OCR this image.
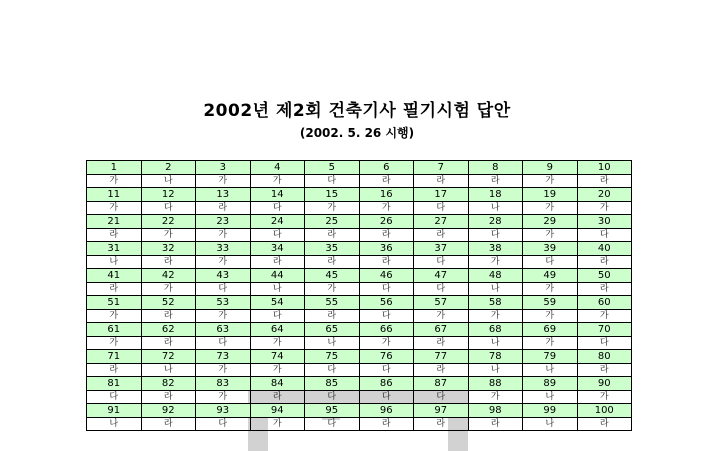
2002년 제2회 건축기사 필기시험 답안
(2002. 5. 26 시행)
1	2	3	4	5	6	7	8	9	10
가	나	가	가	다	라	라	라	가	라
11	12	13	14	15	16	17	18	19	20
가	다	라	다	가	가	다	나	가	가
21	22	23	24	25	26	27	28	29	30
라	가	가	다	라	라	라	다	가	다
31	32	33	34	35	36	37	38	39	40
나	라	가	라	라	라	다	가	다	라
41	42	43	44	45	46	47	48	49	50
라	가	다	나	가	다	다	나	가	라
51	52	53	54	55	56	57	58	59	60
가	라	가	다	라	다	가	가	가	가
61	62	63	64	65	66	67	68	69	70
가	라	다	가	나	가	라	나	가	다
71	72	73	74	75	76	77	78	79	80
라	나	가	가	다	다	라	나	나	라
81	82	83	84	85	86	87	88	89	90
다	라	가	라	다	다	다	가	나	가
91	92	93	94	95	96	97	98	99	100
나	라	다	가	다	라	라	라	나	라
